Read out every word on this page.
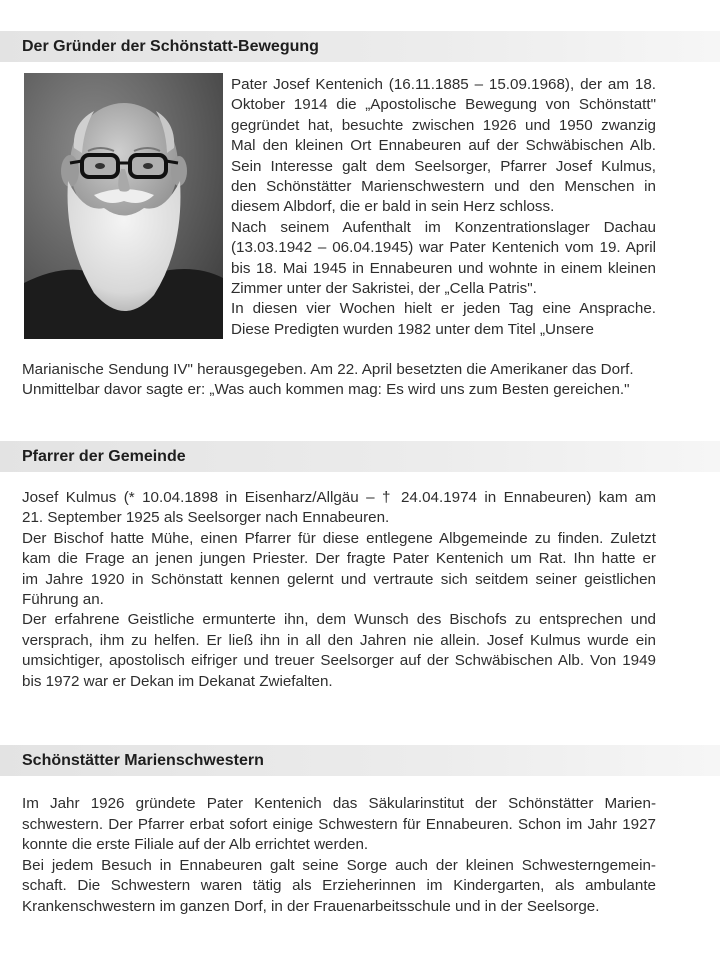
Der Gründer der Schönstatt-Bewegung
Pater Josef Kentenich (16.11.1885 – 15.09.1968), der am 18.
Oktober 1914 die „Apostolische Bewegung von Schönstatt"
gegründet hat, besuchte zwischen 1926 und 1950 zwanzig
Mal den kleinen Ort Ennabeuren auf der Schwäbischen Alb.
Sein Interesse galt dem Seelsorger, Pfarrer Josef Kulmus,
den Schönstätter Marienschwestern und den Menschen in
diesem Albdorf, die er bald in sein Herz schloss.
Nach seinem Aufenthalt im Konzentrationslager Dachau
(13.03.1942 – 06.04.1945) war Pater Kentenich vom 19. April
bis 18. Mai 1945 in Ennabeuren und wohnte in einem kleinen
Zimmer unter der Sakristei, der „Cella Patris".
In diesen vier Wochen hielt er jeden Tag eine Ansprache.
Diese Predigten wurden 1982 unter dem Titel „Unsere
Marianische Sendung IV" herausgegeben. Am 22. April besetzten die Amerikaner das Dorf.
Unmittelbar davor sagte er: „Was auch kommen mag: Es wird uns zum Besten gereichen."
Pfarrer der Gemeinde
Josef Kulmus (* 10.04.1898 in Eisenharz/Allgäu – † 24.04.1974 in Ennabeuren) kam am
21. September 1925 als Seelsorger nach Ennabeuren.
Der Bischof hatte Mühe, einen Pfarrer für diese entlegene Albgemeinde zu finden. Zuletzt
kam die Frage an jenen jungen Priester. Der fragte Pater Kentenich um Rat. Ihn hatte er
im Jahre 1920 in Schönstatt kennen gelernt und vertraute sich seitdem seiner geistlichen
Führung an.
Der erfahrene Geistliche ermunterte ihn, dem Wunsch des Bischofs zu entsprechen und
versprach, ihm zu helfen. Er ließ ihn in all den Jahren nie allein. Josef Kulmus wurde ein
umsichtiger, apostolisch eifriger und treuer Seelsorger auf der Schwäbischen Alb. Von 1949
bis 1972 war er Dekan im Dekanat Zwiefalten.
Schönstätter Marienschwestern
Im Jahr 1926 gründete Pater Kentenich das Säkularinstitut der Schönstätter Marien-
schwestern. Der Pfarrer erbat sofort einige Schwestern für Ennabeuren. Schon im Jahr 1927
konnte die erste Filiale auf der Alb errichtet werden.
Bei jedem Besuch in Ennabeuren galt seine Sorge auch der kleinen Schwesterngemein-
schaft. Die Schwestern waren tätig als Erzieherinnen im Kindergarten, als ambulante
Krankenschwestern im ganzen Dorf, in der Frauenarbeitsschule und in der Seelsorge.
